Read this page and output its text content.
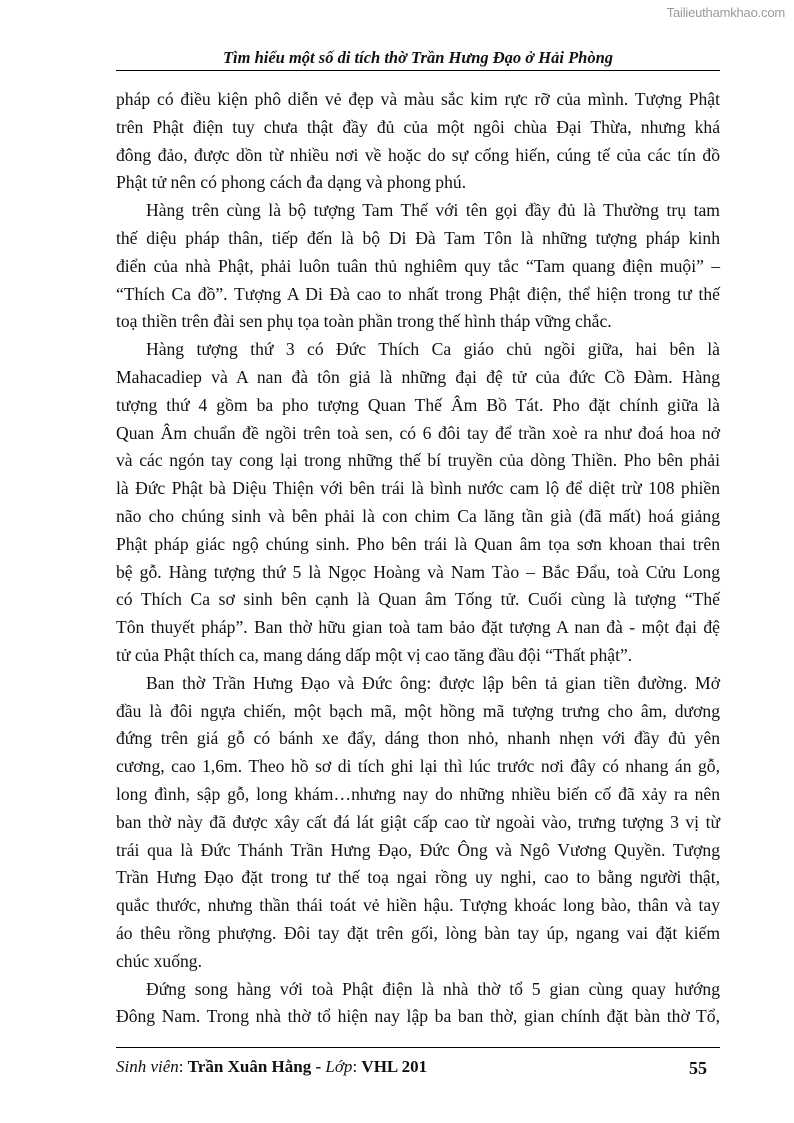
Tailieuthamkhao.com
Tìm hiểu một số di tích thờ Trần Hưng Đạo ở Hải Phòng
pháp có điều kiện phô diễn vẻ đẹp và màu sắc kim rực rỡ của mình. Tượng Phật
trên Phật điện tuy chưa thật đầy đủ của một ngôi chùa Đại Thừa, nhưng khá
đông đảo, được dồn từ nhiều nơi về hoặc do sự cống hiến, cúng tế của các tín đồ
Phật tử nên có phong cách đa dạng và phong phú.
Hàng trên cùng là bộ tượng Tam Thế với tên gọi đầy đủ là Thường trụ tam
thế diệu pháp thân, tiếp đến là bộ Di Đà Tam Tôn là những tượng pháp kinh
điển của nhà Phật, phải luôn tuân thủ nghiêm quy tắc “Tam quang điện muội” –
“Thích Ca đồ”. Tượng A Di Đà cao to nhất trong Phật điện, thể hiện trong tư thế
toạ thiền trên đài sen phụ tọa toàn phần trong thế hình tháp vững chắc.
Hàng tượng thứ 3 có Đức Thích Ca giáo chủ ngồi giữa, hai bên là
Mahacadiep và A nan đà tôn giả là những đại đệ tử của đức Cồ Đàm. Hàng
tượng thứ 4 gồm ba pho tượng Quan Thế Âm Bồ Tát. Pho đặt chính giữa là
Quan Âm chuẩn đề ngồi trên toà sen, có 6 đôi tay để trần xoè ra như đoá hoa nở
và các ngón tay cong lại trong những thế bí truyền của dòng Thiền. Pho bên phải
là Đức Phật bà Diệu Thiện với bên trái là bình nước cam lộ để diệt trừ 108 phiền
não cho chúng sinh và bên phải là con chim Ca lăng tần già (đã mất) hoá giảng
Phật pháp giác ngộ chúng sinh. Pho bên trái là Quan âm tọa sơn khoan thai trên
bệ gỗ. Hàng tượng thứ 5 là Ngọc Hoàng và Nam Tào – Bắc Đẩu, toà Cửu Long
có Thích Ca sơ sinh bên cạnh là Quan âm Tống tử. Cuối cùng là tượng “Thế
Tôn thuyết pháp”. Ban thờ hữu gian toà tam bảo đặt tượng A nan đà - một đại đệ
tử của Phật thích ca, mang dáng dấp một vị cao tăng đầu đội “Thất phật”.
Ban thờ Trần Hưng Đạo và Đức ông: được lập bên tả gian tiền đường. Mở
đầu là đôi ngựa chiến, một bạch mã, một hồng mã tượng trưng cho âm, dương
đứng trên giá gỗ có bánh xe đẩy, dáng thon nhỏ, nhanh nhẹn với đầy đủ yên
cương, cao 1,6m. Theo hồ sơ di tích ghi lại thì lúc trước nơi đây có nhang án gỗ,
long đình, sập gỗ, long khám…nhưng nay do những nhiều biến cố đã xảy ra nên
ban thờ này đã được xây cất đá lát giật cấp cao từ ngoài vào, trưng tượng 3 vị từ
trái qua là Đức Thánh Trần Hưng Đạo, Đức Ông và Ngô Vương Quyền. Tượng
Trần Hưng Đạo đặt trong tư thế toạ ngai rồng uy nghi, cao to bằng người thật,
quắc thước, nhưng thần thái toát vẻ hiền hậu. Tượng khoác long bào, thân và tay
áo thêu rồng phượng. Đôi tay đặt trên gối, lòng bàn tay úp, ngang vai đặt kiếm
chúc xuống.
Đứng song hàng với toà Phật điện là nhà thờ tổ 5 gian cùng quay hướng
Đông Nam. Trong nhà thờ tổ hiện nay lập ba ban thờ, gian chính đặt bàn thờ Tổ,
Sinh viên: Trần Xuân Hằng - Lớp: VHL 201	55
